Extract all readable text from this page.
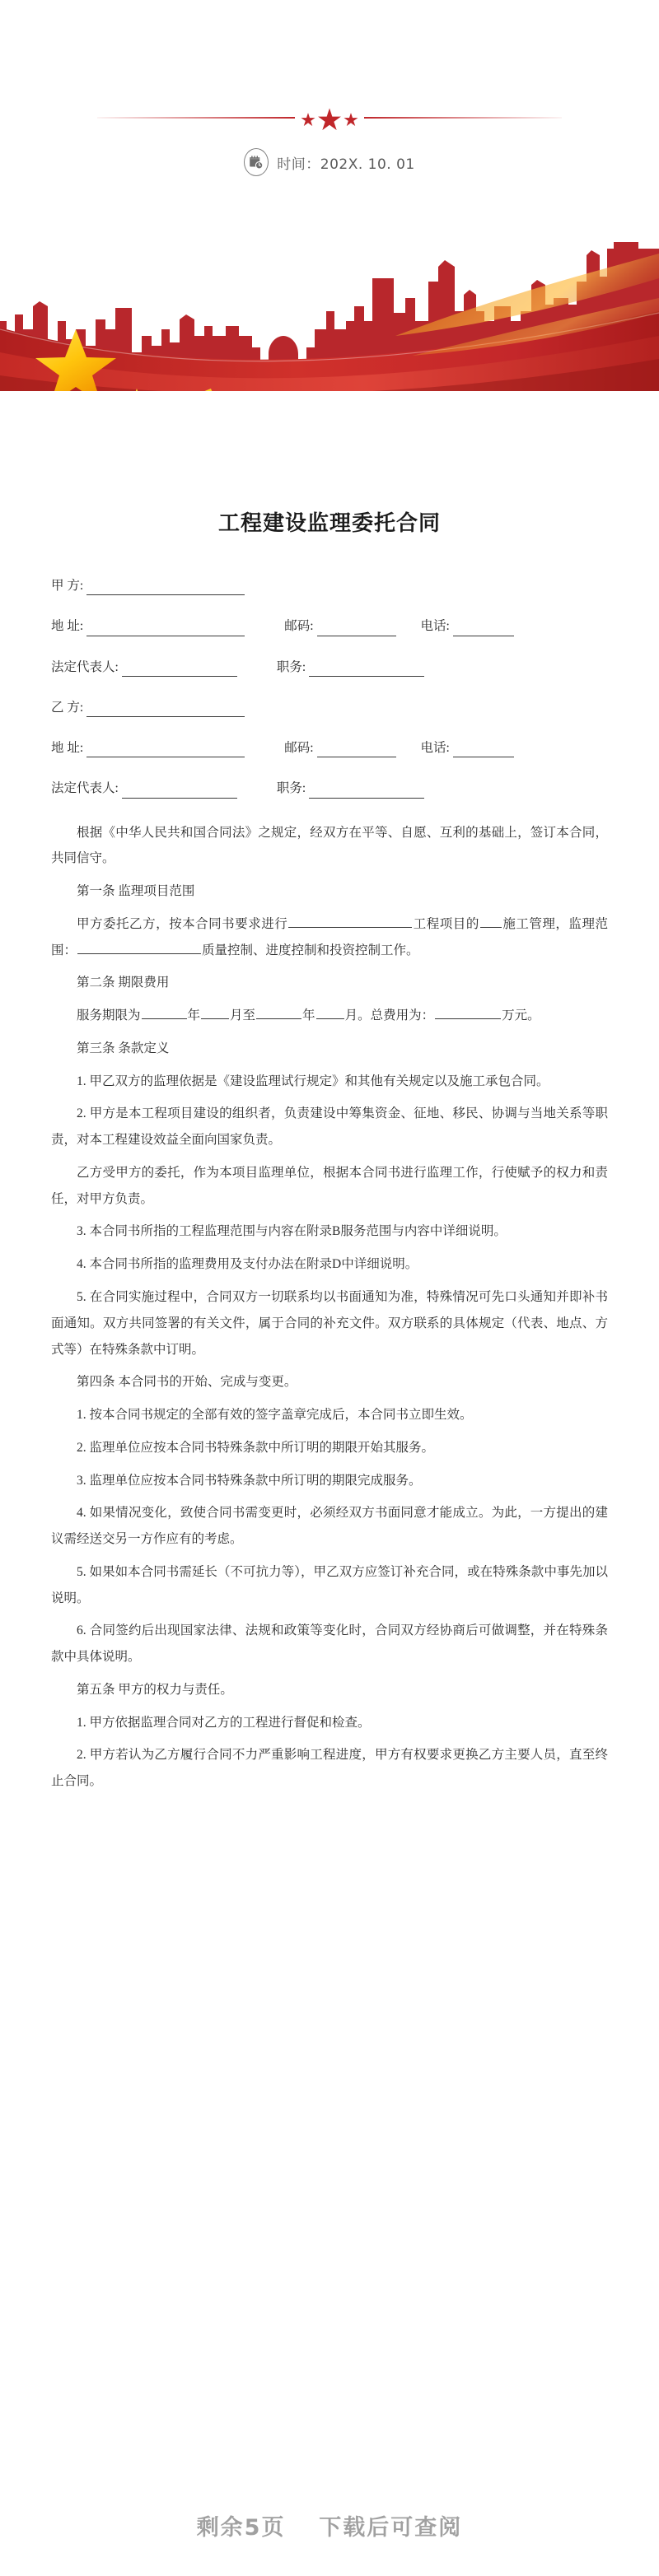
★ ★ ★
时间：202X. 10. 01
工程建设监理委托合同
甲 方:
地 址:	邮码:	电话:
法定代表人:	职务:
乙 方:
地 址:	邮码:	电话:
法定代表人:	职务:

根据《中华人民共和国合同法》之规定，经双方在平等、自愿、互利的基础上，签订本合同，共同信守。

第一条 监理项目范围

甲方委托乙方，按本合同书要求进行	工程项目的 施工管理，监理范围：	质量控制、进度控制和投资控制工作。

第二条 期限费用

服务期限为	年 月至	年 月。总费用为：	万元。

第三条 条款定义

1. 甲乙双方的监理依据是《建设监理试行规定》和其他有关规定以及施工承包合同。

2. 甲方是本工程项目建设的组织者，负责建设中筹集资金、征地、移民、协调与当地关系等职责，对本工程建设效益全面向国家负责。

乙方受甲方的委托，作为本项目监理单位，根据本合同书进行监理工作，行使赋予的权力和责任，对甲方负责。

3. 本合同书所指的工程监理范围与内容在附录B服务范围与内容中详细说明。

4. 本合同书所指的监理费用及支付办法在附录D中详细说明。

5. 在合同实施过程中，合同双方一切联系均以书面通知为准，特殊情况可先口头通知并即补书面通知。双方共同签署的有关文件，属于合同的补充文件。双方联系的具体规定（代表、地点、方式等）在特殊条款中订明。

第四条 本合同书的开始、完成与变更。

1. 按本合同书规定的全部有效的签字盖章完成后，本合同书立即生效。

2. 监理单位应按本合同书特殊条款中所订明的期限开始其服务。

3. 监理单位应按本合同书特殊条款中所订明的期限完成服务。

4. 如果情况变化，致使合同书需变更时，必须经双方书面同意才能成立。为此，一方提出的建议需经送交另一方作应有的考虑。

5. 如果如本合同书需延长（不可抗力等），甲乙双方应签订补充合同，或在特殊条款中事先加以说明。

6. 合同签约后出现国家法律、法规和政策等变化时，合同双方经协商后可做调整，并在特殊条款中具体说明。

第五条 甲方的权力与责任。

1. 甲方依据监理合同对乙方的工程进行督促和检查。

2. 甲方若认为乙方履行合同不力严重影响工程进度，甲方有权要求更换乙方主要人员，直至终止合同。

剩余5页 下载后可查阅
